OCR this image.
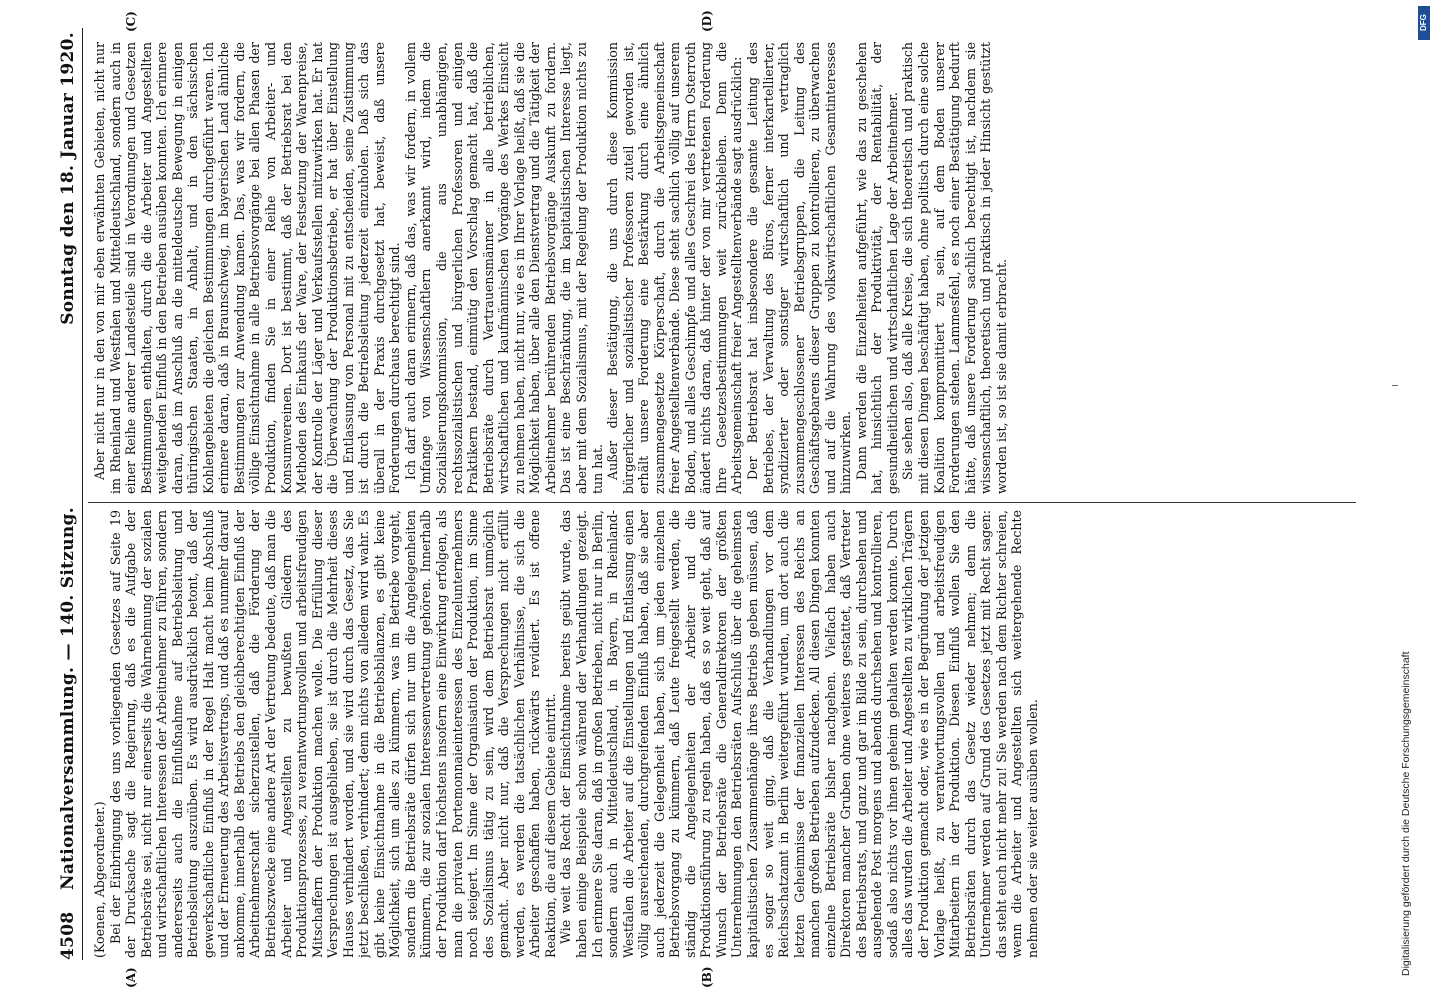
4508
Nationalversammlung. — 140. Sitzung.
Sonntag den 18. Januar 1920.
(A)	(B)
(C)	(D)

(Koenen, Abgeordneter.) Bei der Einbringung des uns vorliegenden Gesetzes auf Seite 19 der Drucksache sagt die Regierung, daß es die Aufgabe der Betriebsräte sei, nicht nur einerseits die Wahrnehmung der sozialen und wirtschaftlichen Interessen der Arbeitnehmer zu führen, sondern andererseits auch die Einflußnahme auf Betriebsleitung und Betriebsleitung auszuüben. Es wird ausdrücklich betont, daß der gewerkschaftliche Einfluß in der Regel Halt macht beim Abschluß und der Erneuerung des Arbeitsvertrags, und daß es nunmehr darauf ankomme, innerhalb des Betriebs den gleichberechtigten Einfluß der Arbeitnehmerschaft sicherzustellen, daß die Förderung der Betriebszwecke eine andere Art der Vertretung bedeute, daß man die Arbeiter und Angestellten zu bewußten Gliedern des Produktionsprozesses, zu verantwortungsvollen und arbeitsfreudigen Mitschaffern der Produktion machen wolle. Die Erfüllung dieser Versprechungen ist ausgeblieben, sie ist durch die Mehrheit dieses Hauses verhindert worden, und sie wird durch das Gesetz, das Sie jetzt beschließen, verhindert; denn nichts von alledem wird wahr. Es gibt keine Einsichtnahme in die Betriebsbilanzen, es gibt keine Möglichkeit, sich um alles zu kümmern, was im Betriebe vorgeht, sondern die Betriebsräte dürfen sich nur um die Angelegenheiten kümmern, die zur sozialen Interessenvertretung gehören. Innerhalb der Produktion darf höchstens insofern eine Einwirkung erfolgen, als man die privaten Portemonnaieinteressen des Einzelunternehmers noch steigert. Im Sinne der Organisation der Produktion, im Sinne des Sozialismus tätig zu sein, wird dem Betriebsrat unmöglich gemacht. Aber nicht nur, daß die Versprechungen nicht erfüllt werden, es werden die tatsächlichen Verhältnisse, die sich die Arbeiter geschaffen haben, rückwärts revidiert. Es ist offene Reaktion, die auf diesem Gebiete eintritt. Wie weit das Recht der Einsichtnahme bereits geübt wurde, das haben einige Beispiele schon während der Verhandlungen gezeigt. Ich erinnere Sie daran, daß in großen Betrieben, nicht nur in Berlin, sondern auch in Mitteldeutschland, in Bayern, in Rheinland-Westfalen die Arbeiter auf die Einstellungen und Entlassung einen völlig ausreichenden, durchgreifenden Einfluß haben, daß sie aber auch jederzeit die Gelegenheit haben, sich um jeden einzelnen Betriebsvorgang zu kümmern, daß Leute freigestellt werden, die ständig die Angelegenheiten der Arbeiter und die Produktionsführung zu regeln haben, daß es so weit geht, daß auf Wunsch der Betriebsräte die Generaldirektoren der größten Unternehmungen den Betriebsräten Aufschluß über die geheimsten kapitalistischen Zusammenhänge ihres Betriebs geben müssen, daß es sogar so weit ging, daß die Verhandlungen vor dem Reichsschatzamt in Berlin weitergeführt wurden, um dort auch die letzten Geheimnisse der finanziellen Interessen des Reichs an manchen großen Betrieben aufzudecken. All diesen Dingen konnten einzelne Betriebsräte bisher nachgehen. Vielfach haben auch Direktoren mancher Gruben ohne weiteres gestattet, daß Vertreter des Betriebsrats, und ganz und gar im Bilde zu sein, durchsehen und ausgehende Post morgens und abends durchsehen und kontrollieren, sodaß also nichts vor ihnen geheim gehalten werden konnte. Durch alles das wurden die Arbeiter und Angestellten zu wirklichen Trägern der Produktion gemacht oder, wie es in der Begründung der jetzigen Vorlage heißt, zu verantwortungsvollen und arbeitsfreudigen Mitarbeitern in der Produktion. Diesen Einfluß wollen Sie den Betriebsräten durch das Gesetz wieder nehmen; denn die Unternehmer werden auf Grund des Gesetzes jetzt mit Recht sagen: das steht euch nicht mehr zu! Sie werden nach dem Richter schreien, wenn die Arbeiter und Angestellten sich weitergehende Rechte nehmen oder sie weiter ausüben wollen.

Aber nicht nur in den von mir eben erwähnten Gebieten, nicht nur im Rheinland und Westfalen und Mitteldeutschland, sondern auch in einer Reihe anderer Landesteile sind in Verordnungen und Gesetzen Bestimmungen enthalten, durch die die Arbeiter und Angestellten weitgehenden Einfluß in den Betrieben ausüben konnten. Ich erinnere daran, daß im Anschluß an die mitteldeutsche Bewegung in einigen thüringischen Staaten, in Anhalt, und in den sächsischen Kohlengebieten die gleichen Bestimmungen durchgeführt waren. Ich erinnere daran, daß in Braunschweig, im bayerischen Land ähnliche Bestimmungen zur Anwendung kamen. Das, was wir fordern, die völlige Einsichtnahme in alle Betriebsvorgänge bei allen Phasen der Produktion, finden Sie in einer Reihe von Arbeiter- und Konsumvereinen. Dort ist bestimmt, daß der Betriebsrat bei den Methoden des Einkaufs der Ware, der Festsetzung der Warenpreise, der Kontrolle der Läger und Verkaufsstellen mitzuwirken hat. Er hat die Überwachung der Produktionsbetriebe, er hat über Einstellung und Entlassung von Personal mit zu entscheiden, seine Zustimmung ist durch die Betriebsleitung jederzeit einzuholen. Daß sich das überall in der Praxis durchgesetzt hat, beweist, daß unsere Forderungen durchaus berechtigt sind. Ich darf auch daran erinnern, daß das, was wir fordern, in vollem Umfange von Wissenschaftlern anerkannt wird, indem die Sozialisierungskommission, die aus unabhängigen, rechtssozialistischen und bürgerlichen Professoren und einigen Praktikern bestand, einmütig den Vorschlag gemacht hat, daß die Betriebsräte durch Vertrauensmänner in alle betrieblichen, wirtschaftlichen und kaufmännischen Vorgänge des Werkes Einsicht zu nehmen haben, nicht nur, wie es in Ihrer Vorlage heißt, daß sie die Möglichkeit haben, über alle den Dienstvertrag und die Tätigkeit der Arbeitnehmer berührenden Betriebsvorgänge Auskunft zu fordern. Das ist eine Beschränkung, die im kapitalistischen Interesse liegt, aber mit dem Sozialismus, mit der Regelung der Produktion nichts zu tun hat. Außer dieser Bestätigung, die uns durch diese Kommission bürgerlicher und sozialistischer Professoren zuteil geworden ist, erhält unsere Forderung eine Bestärkung durch eine ähnlich zusammengesetzte Körperschaft, durch die Arbeitsgemeinschaft freier Angestelltenverbände. Diese steht sachlich völlig auf unserem Boden, und alles Geschimpfe und alles Geschrei des Herrn Osterroth ändert nichts daran, daß hinter der von mir vertretenen Forderung Ihre Gesetzesbestimmungen weit zurückbleiben. Denn die Arbeitsgemeinschaft freier Angestelltenverbände sagt ausdrücklich: Der Betriebsrat hat insbesondere die gesamte Leitung des Betriebes, der Verwaltung des Büros, ferner interkartellierter, syndizierter oder sonstiger wirtschaftlich und vertraglich zusammengeschlossener Betriebsgruppen, die Leitung des Geschäftsgebarens dieser Gruppen zu kontrollieren, zu überwachen und auf die Wahrung des volkswirtschaftlichen Gesamtinteresses hinzuwirken. Dann werden die Einzelheiten aufgeführt, wie das zu geschehen hat, hinsichtlich der Produktivität, der Rentabilität, der gesundheitlichen und wirtschaftlichen Lage der Arbeitnehmer. Sie sehen also, daß alle Kreise, die sich theoretisch und praktisch mit diesen Dingen beschäftigt haben, ohne politisch durch eine solche Koalition kompromittiert zu sein, auf dem Boden unserer Forderungen stehen. Lammesfehl, es noch einer Bestätigung bedurft hätte, daß unsere Forderung sachlich berechtigt ist, nachdem sie wissenschaftlich, theoretisch und praktisch in jeder Hinsicht gestützt worden ist, so ist sie damit erbracht.

Digitalisierung gefördert durch die Deutsche Forschungsgemeinschaft
DFG
